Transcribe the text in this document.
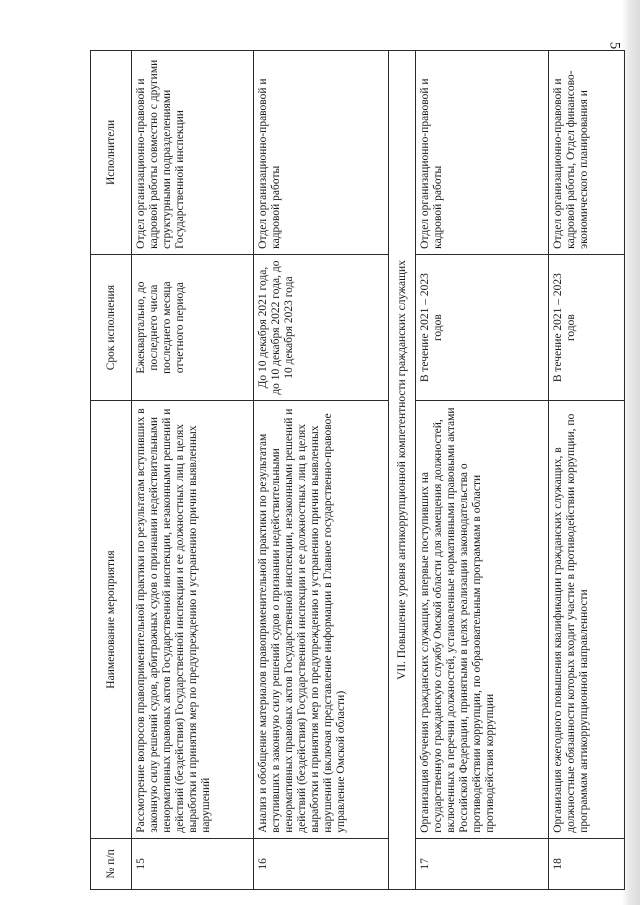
5
№ п/п	Наименование мероприятия	Срок исполнения	Исполнители
15	Рассмотрение вопросов правоприменительной практики по результатам вступивших в законную силу решений судов, арбитражных судов о признании недействительными ненормативных правовых актов Государственной инспекции, незаконными решений и действий (бездействия) Государственной инспекции и ее должностных лиц в целях выработки и принятия мер по предупреждению и устранению причин выявленных нарушений	Ежеквартально, до последнего числа последнего месяца отчетного периода	Отдел организационно-правовой и кадровой работы совместно с другими структурными подразделениями Государственной инспекции
16	Анализ и обобщение материалов правоприменительной практики по результатам вступивших в законную силу решений судов о признании недействительными ненормативных правовых актов Государственной инспекции, незаконными решений и действий (бездействия) Государственной инспекции и ее должностных лиц в целях выработки и принятия мер по предупреждению и устранению причин выявленных нарушений (включая представление информации в Главное государственно-правовое управление Омской области)	До 10 декабря 2021 года, до 10 декабря 2022 года, до 10 декабря 2023 года	Отдел организационно-правовой и кадровой работы
VII. Повышение уровня антикоррупционной компетентности гражданских служащих			
17	Организация обучения гражданских служащих, впервые поступивших на государственную гражданскую службу Омской области для замещения должностей, включенных в перечни должностей, установленные нормативными правовыми актами Российской Федерации, принятыми в целях реализации законодательства о противодействии коррупции, по образовательным программам в области противодействия коррупции	В течение 2021 – 2023 годов	Отдел организационно-правовой и кадровой работы
18	Организация ежегодного повышения квалификации гражданских служащих, в должностные обязанности которых входит участие в противодействии коррупции, по программам антикоррупционной направленности	В течение 2021 – 2023 годов	Отдел организационно-правовой и кадровой работы, Отдел финансово-экономического планирования и
